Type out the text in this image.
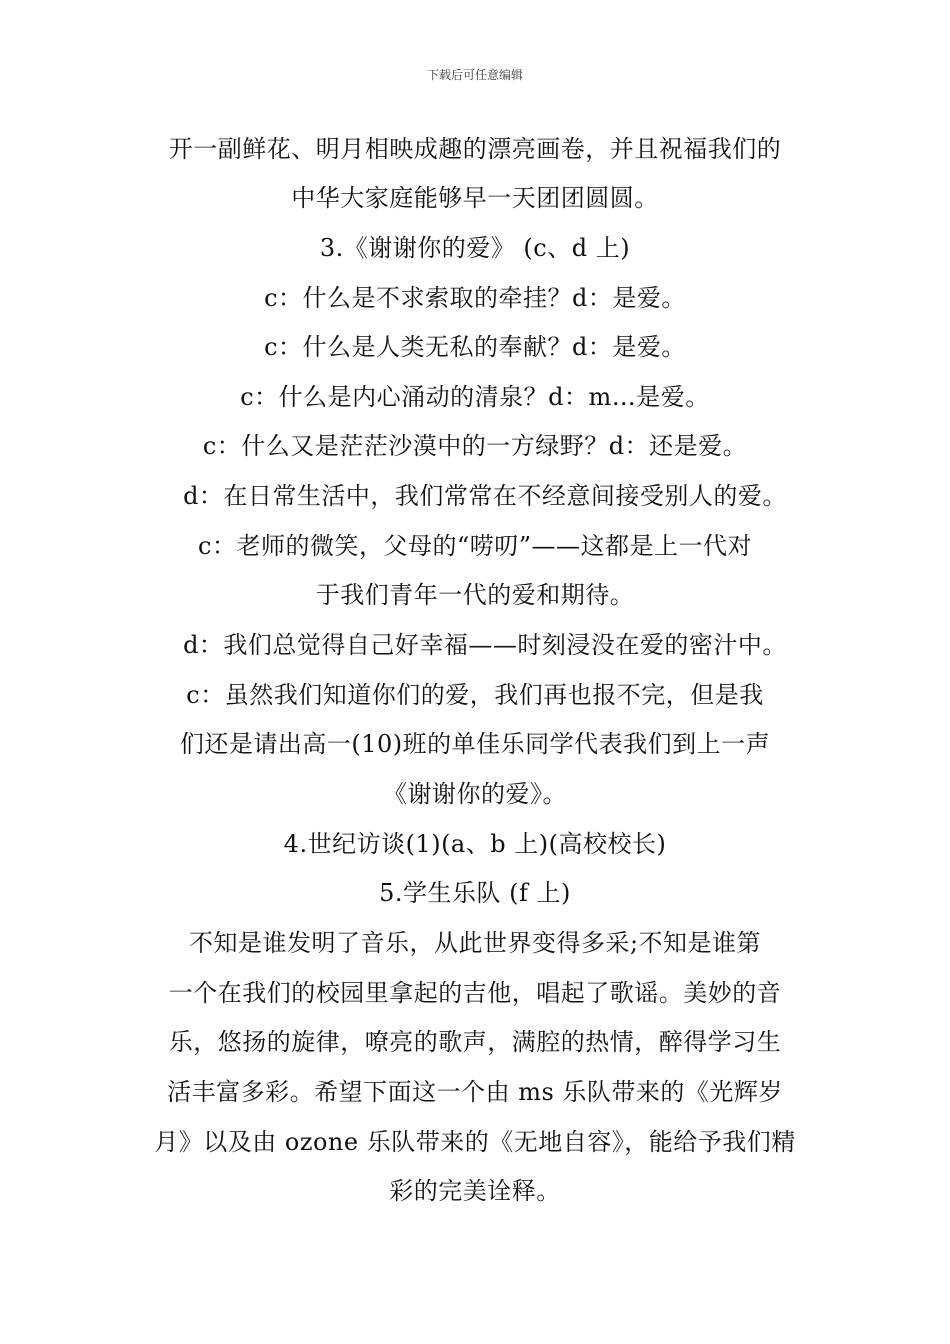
下载后可任意编辑
开一副鲜花、明月相映成趣的漂亮画卷，并且祝福我们的
中华大家庭能够早一天团团圆圆。
3.《谢谢你的爱》 (c、d 上)
c：什么是不求索取的牵挂？d：是爱。
c：什么是人类无私的奉献？d：是爱。
c：什么是内心涌动的清泉？d：m…是爱。
c：什么又是茫茫沙漠中的一方绿野？d：还是爱。
d：在日常生活中，我们常常在不经意间接受别人的爱。
c：老师的微笑，父母的“唠叨”——这都是上一代对
于我们青年一代的爱和期待。
d：我们总觉得自己好幸福——时刻浸没在爱的密汁中。
c：虽然我们知道你们的爱，我们再也报不完，但是我
们还是请出高一(10)班的单佳乐同学代表我们到上一声
《谢谢你的爱》。
4.世纪访谈(1)(a、b 上)(高校校长)
5.学生乐队 (f 上)
不知是谁发明了音乐，从此世界变得多采;不知是谁第
一个在我们的校园里拿起的吉他，唱起了歌谣。美妙的音
乐，悠扬的旋律，嘹亮的歌声，满腔的热情，醉得学习生
活丰富多彩。希望下面这一个由 ms 乐队带来的《光辉岁
月》以及由 ozone 乐队带来的《无地自容》，能给予我们精
彩的完美诠释。
